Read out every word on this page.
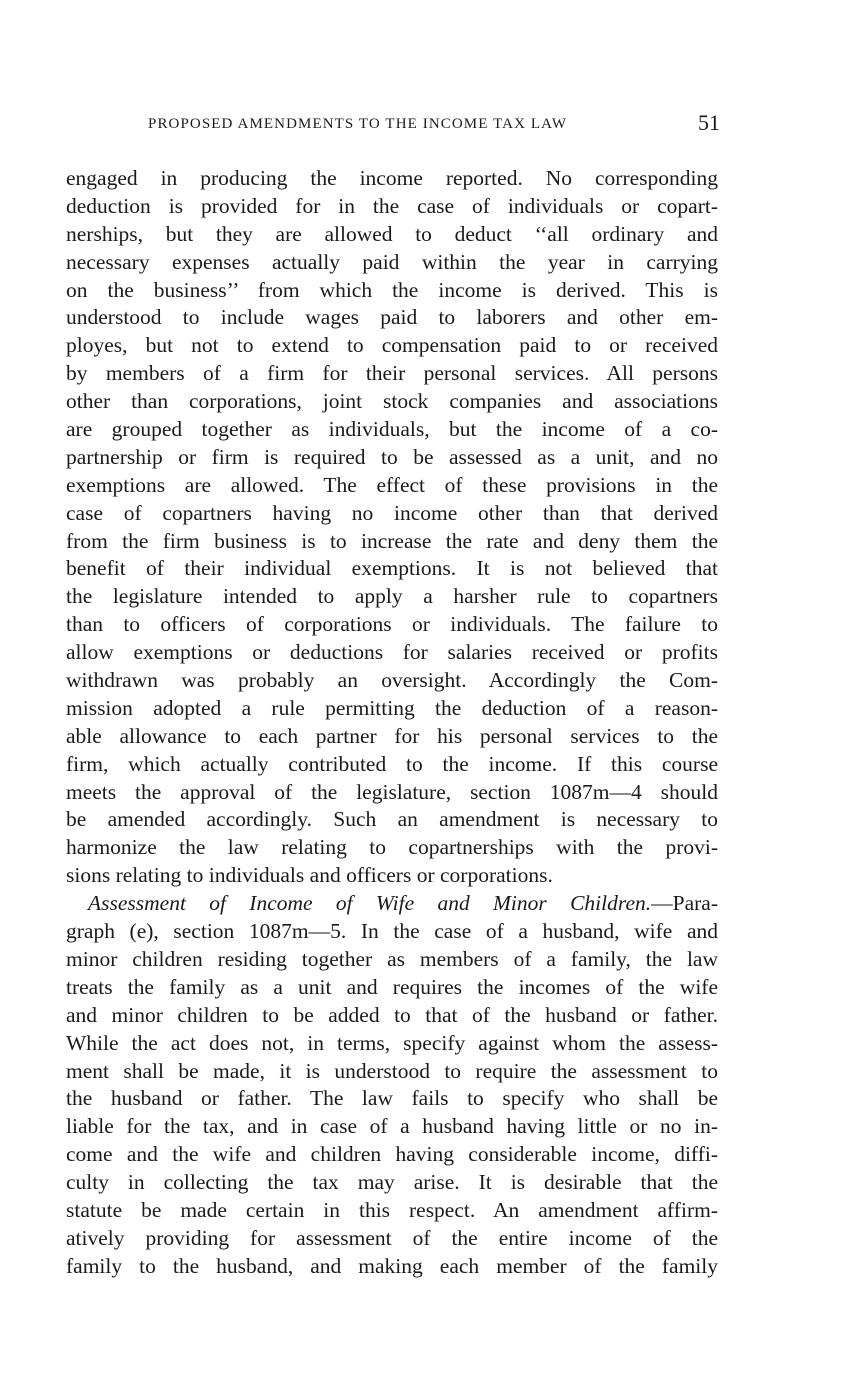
PROPOSED AMENDMENTS TO THE INCOME TAX LAW	51
engaged in producing the income reported. No corresponding
deduction is provided for in the case of individuals or copart-
nerships, but they are allowed to deduct ‘‘all ordinary and
necessary expenses actually paid within the year in carrying
on the business’’ from which the income is derived. This is
understood to include wages paid to laborers and other em-
ployes, but not to extend to compensation paid to or received
by members of a firm for their personal services. All persons
other than corporations, joint stock companies and associations
are grouped together as individuals, but the income of a co-
partnership or firm is required to be assessed as a unit, and no
exemptions are allowed. The effect of these provisions in the
case of copartners having no income other than that derived
from the firm business is to increase the rate and deny them the
benefit of their individual exemptions. It is not believed that
the legislature intended to apply a harsher rule to copartners
than to officers of corporations or individuals. The failure to
allow exemptions or deductions for salaries received or profits
withdrawn was probably an oversight. Accordingly the Com-
mission adopted a rule permitting the deduction of a reason-
able allowance to each partner for his personal services to the
firm, which actually contributed to the income. If this course
meets the approval of the legislature, section 1087m—4 should
be amended accordingly. Such an amendment is necessary to
harmonize the law relating to copartnerships with the provi-
sions relating to individuals and officers or corporations.
Assessment of Income of Wife and Minor Children.—Para-
graph (e), section 1087m—5. In the case of a husband, wife and
minor children residing together as members of a family, the law
treats the family as a unit and requires the incomes of the wife
and minor children to be added to that of the husband or father.
While the act does not, in terms, specify against whom the assess-
ment shall be made, it is understood to require the assessment to
the husband or father. The law fails to specify who shall be
liable for the tax, and in case of a husband having little or no in-
come and the wife and children having considerable income, diffi-
culty in collecting the tax may arise. It is desirable that the
statute be made certain in this respect. An amendment affirm-
atively providing for assessment of the entire income of the
family to the husband, and making each member of the family
